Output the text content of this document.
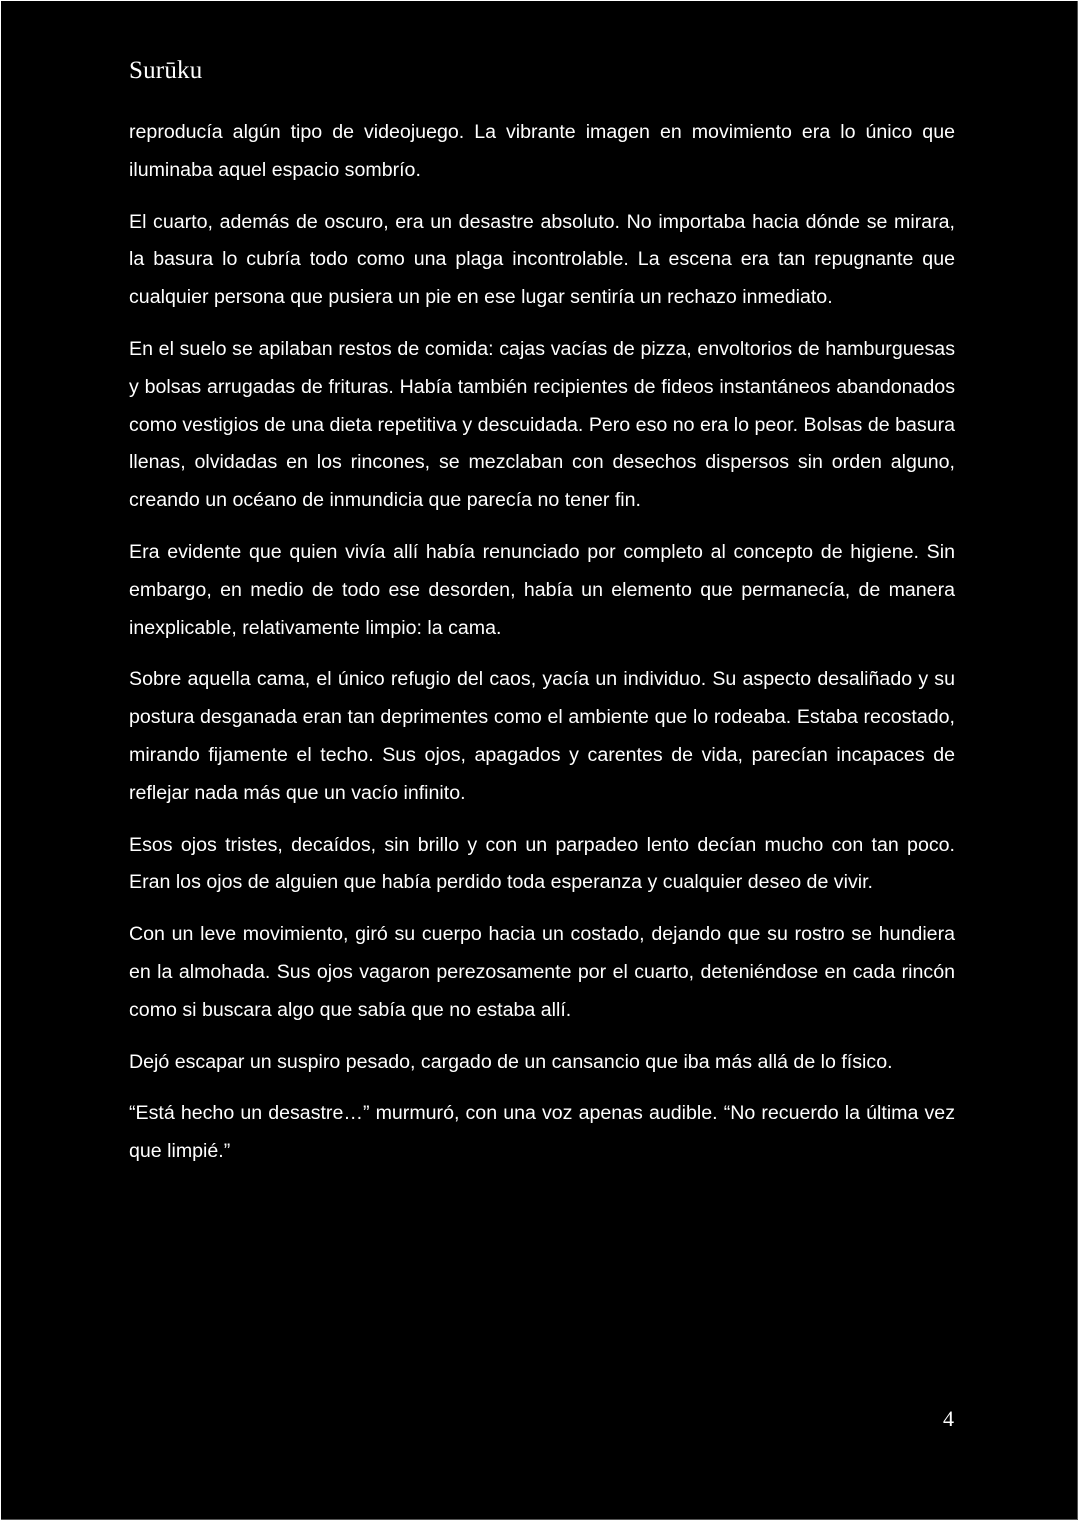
Surūku

reproducía algún tipo de videojuego. La vibrante imagen en movimiento era lo único que iluminaba aquel espacio sombrío.

El cuarto, además de oscuro, era un desastre absoluto. No importaba hacia dónde se mirara, la basura lo cubría todo como una plaga incontrolable. La escena era tan repugnante que cualquier persona que pusiera un pie en ese lugar sentiría un rechazo inmediato.

En el suelo se apilaban restos de comida: cajas vacías de pizza, envoltorios de hamburguesas y bolsas arrugadas de frituras. Había también recipientes de fideos instantáneos abandonados como vestigios de una dieta repetitiva y descuidada. Pero eso no era lo peor. Bolsas de basura llenas, olvidadas en los rincones, se mezclaban con desechos dispersos sin orden alguno, creando un océano de inmundicia que parecía no tener fin.

Era evidente que quien vivía allí había renunciado por completo al concepto de higiene. Sin embargo, en medio de todo ese desorden, había un elemento que permanecía, de manera inexplicable, relativamente limpio: la cama.

Sobre aquella cama, el único refugio del caos, yacía un individuo. Su aspecto desaliñado y su postura desganada eran tan deprimentes como el ambiente que lo rodeaba. Estaba recostado, mirando fijamente el techo. Sus ojos, apagados y carentes de vida, parecían incapaces de reflejar nada más que un vacío infinito.

Esos ojos tristes, decaídos, sin brillo y con un parpadeo lento decían mucho con tan poco. Eran los ojos de alguien que había perdido toda esperanza y cualquier deseo de vivir.

Con un leve movimiento, giró su cuerpo hacia un costado, dejando que su rostro se hundiera en la almohada. Sus ojos vagaron perezosamente por el cuarto, deteniéndose en cada rincón como si buscara algo que sabía que no estaba allí.

Dejó escapar un suspiro pesado, cargado de un cansancio que iba más allá de lo físico.

“Está hecho un desastre…” murmuró, con una voz apenas audible. “No recuerdo la última vez que limpié.”

4
